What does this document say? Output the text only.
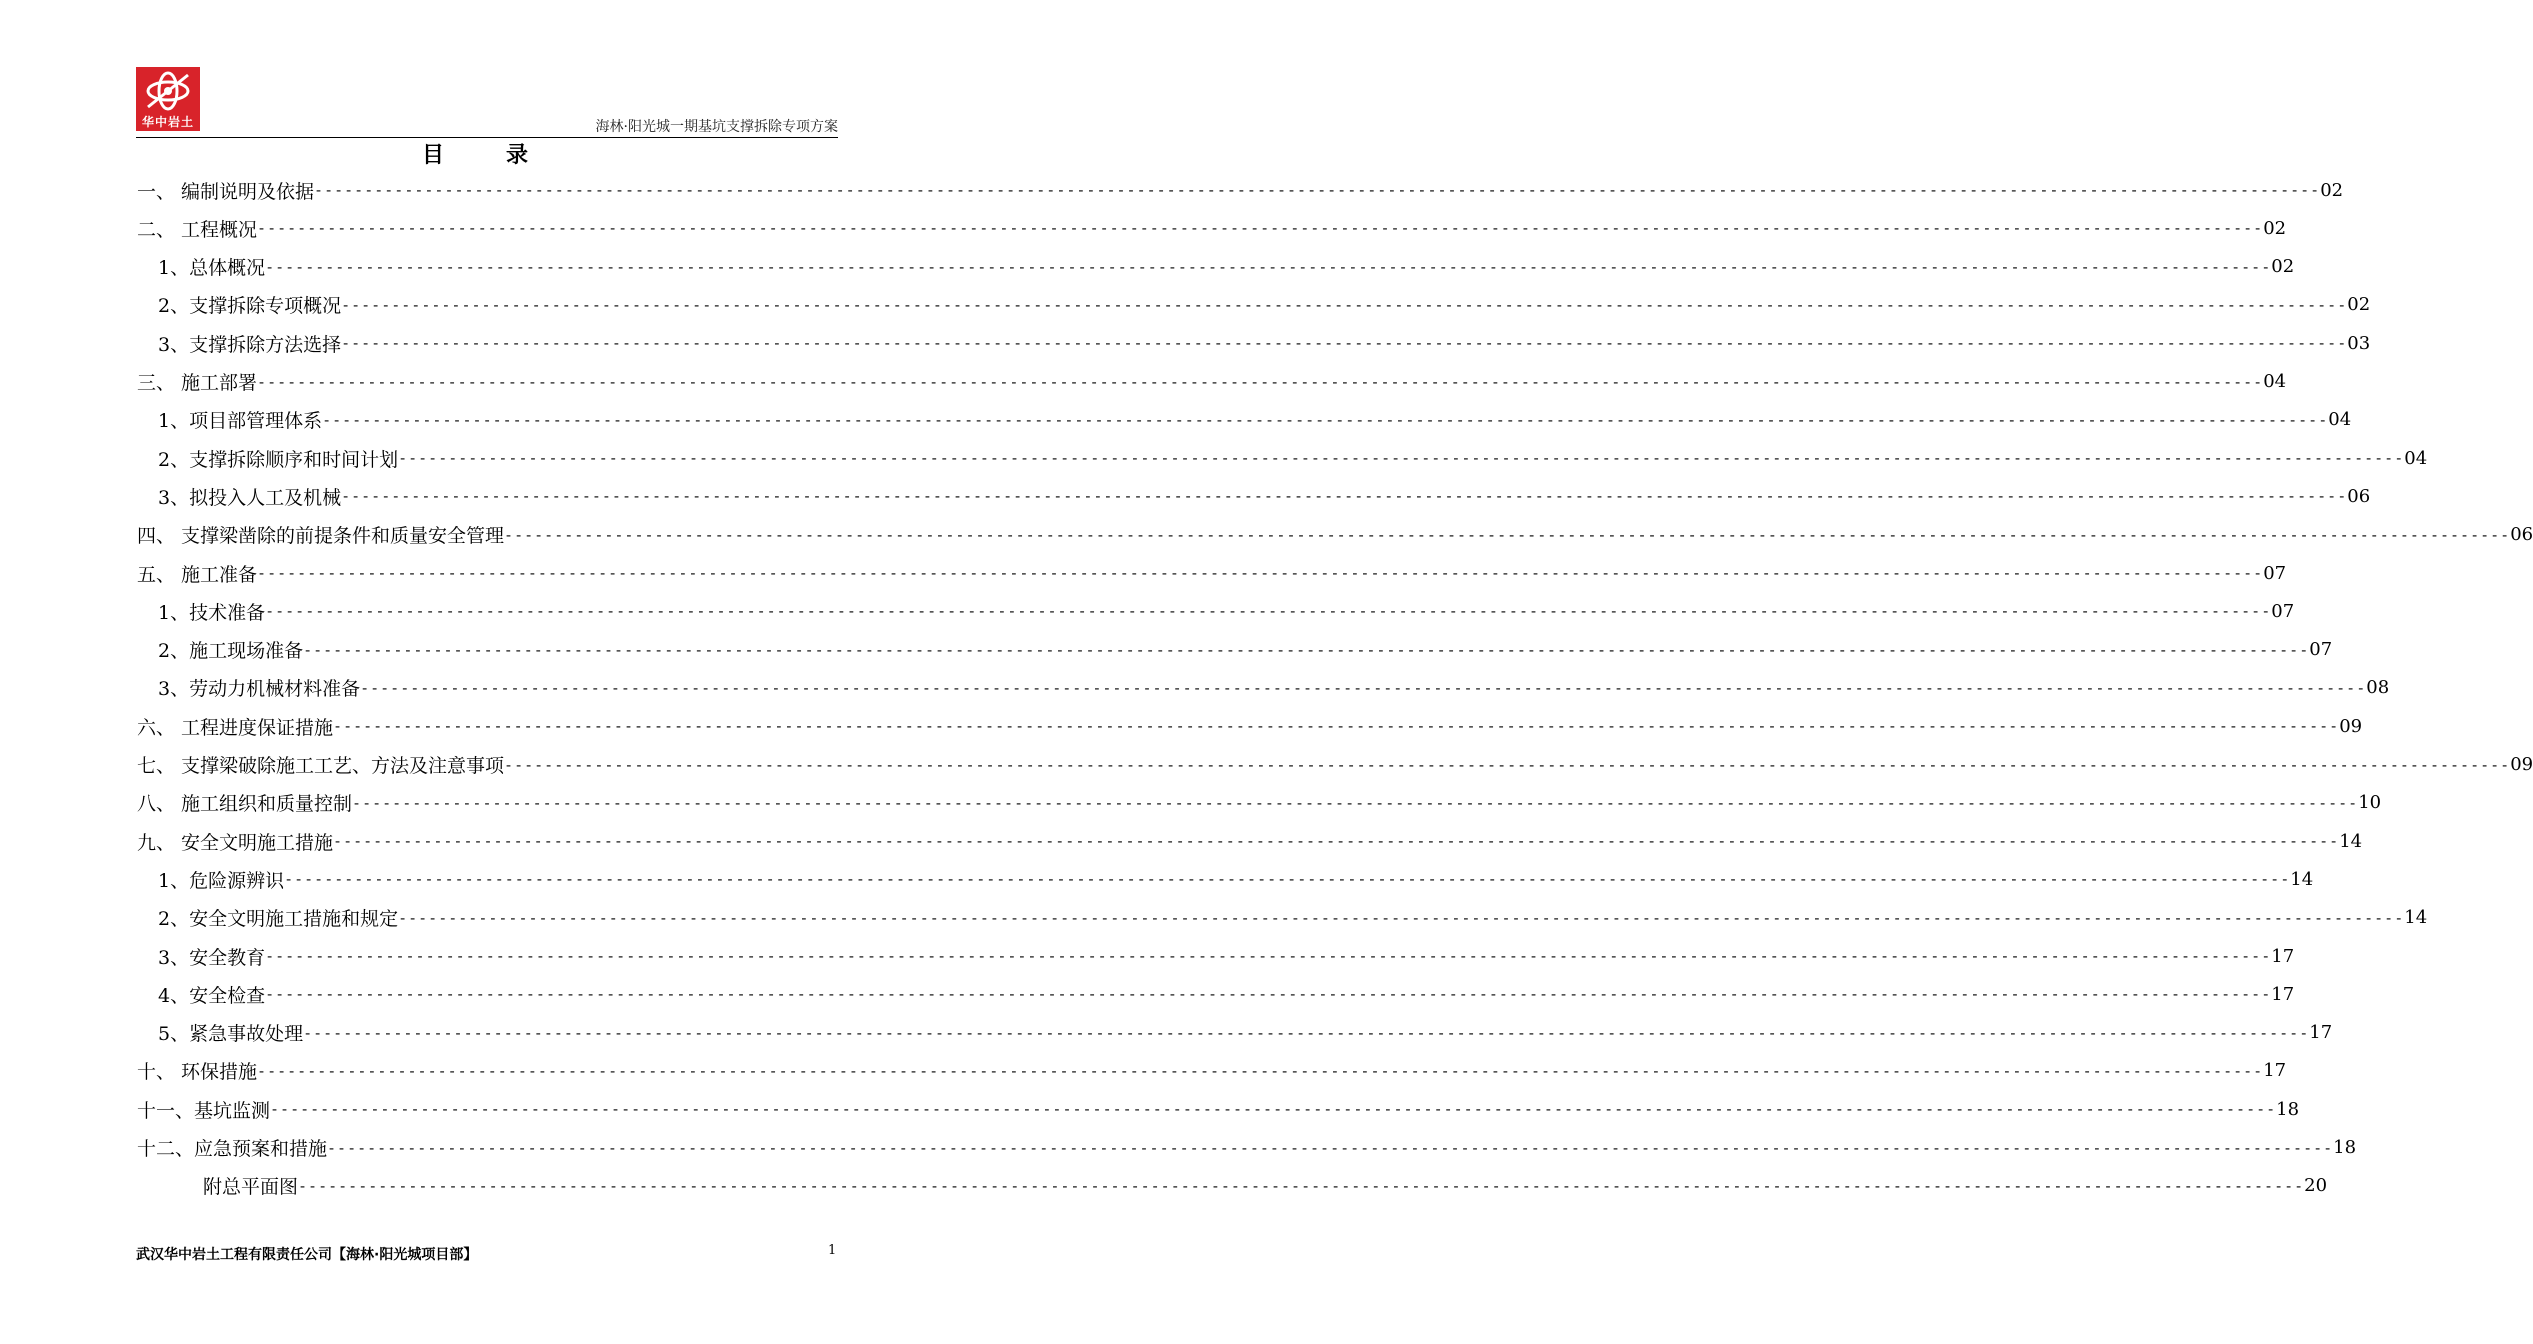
华中岩土	海林·阳光城一期基坑支撑拆除专项方案
目录
一、 编制说明及依据 -------------------------------------------------------------------------------------------------------------------------------------------------------------------------------------------------------- 02
二、 工程概况 -------------------------------------------------------------------------------------------------------------------------------------------------------------------------------------------------------- 02
1、总体概况 -------------------------------------------------------------------------------------------------------------------------------------------------------------------------------------------------------- 02
2、支撑拆除专项概况 -------------------------------------------------------------------------------------------------------------------------------------------------------------------------------------------------------- 02
3、支撑拆除方法选择 -------------------------------------------------------------------------------------------------------------------------------------------------------------------------------------------------------- 03
三、 施工部署 -------------------------------------------------------------------------------------------------------------------------------------------------------------------------------------------------------- 04
1、项目部管理体系 -------------------------------------------------------------------------------------------------------------------------------------------------------------------------------------------------------- 04
2、支撑拆除顺序和时间计划 -------------------------------------------------------------------------------------------------------------------------------------------------------------------------------------------------------- 04
3、拟投入人工及机械 -------------------------------------------------------------------------------------------------------------------------------------------------------------------------------------------------------- 06
四、 支撑梁凿除的前提条件和质量安全管理 -------------------------------------------------------------------------------------------------------------------------------------------------------------------------------------------------------- 06
五、 施工准备 -------------------------------------------------------------------------------------------------------------------------------------------------------------------------------------------------------- 07
1、技术准备 -------------------------------------------------------------------------------------------------------------------------------------------------------------------------------------------------------- 07
2、施工现场准备 -------------------------------------------------------------------------------------------------------------------------------------------------------------------------------------------------------- 07
3、劳动力机械材料准备 -------------------------------------------------------------------------------------------------------------------------------------------------------------------------------------------------------- 08
六、 工程进度保证措施 -------------------------------------------------------------------------------------------------------------------------------------------------------------------------------------------------------- 09
七、 支撑梁破除施工工艺、方法及注意事项 -------------------------------------------------------------------------------------------------------------------------------------------------------------------------------------------------------- 09
八、 施工组织和质量控制 -------------------------------------------------------------------------------------------------------------------------------------------------------------------------------------------------------- 10
九、 安全文明施工措施 -------------------------------------------------------------------------------------------------------------------------------------------------------------------------------------------------------- 14
1、危险源辨识 -------------------------------------------------------------------------------------------------------------------------------------------------------------------------------------------------------- 14
2、安全文明施工措施和规定 -------------------------------------------------------------------------------------------------------------------------------------------------------------------------------------------------------- 14
3、安全教育 -------------------------------------------------------------------------------------------------------------------------------------------------------------------------------------------------------- 17
4、安全检查 -------------------------------------------------------------------------------------------------------------------------------------------------------------------------------------------------------- 17
5、紧急事故处理 -------------------------------------------------------------------------------------------------------------------------------------------------------------------------------------------------------- 17
十、 环保措施 -------------------------------------------------------------------------------------------------------------------------------------------------------------------------------------------------------- 17
十一、基坑监测 -------------------------------------------------------------------------------------------------------------------------------------------------------------------------------------------------------- 18
十二、应急预案和措施 -------------------------------------------------------------------------------------------------------------------------------------------------------------------------------------------------------- 18
附总平面图 -------------------------------------------------------------------------------------------------------------------------------------------------------------------------------------------------------- 20
武汉华中岩土工程有限责任公司【海林·阳光城项目部】	1
